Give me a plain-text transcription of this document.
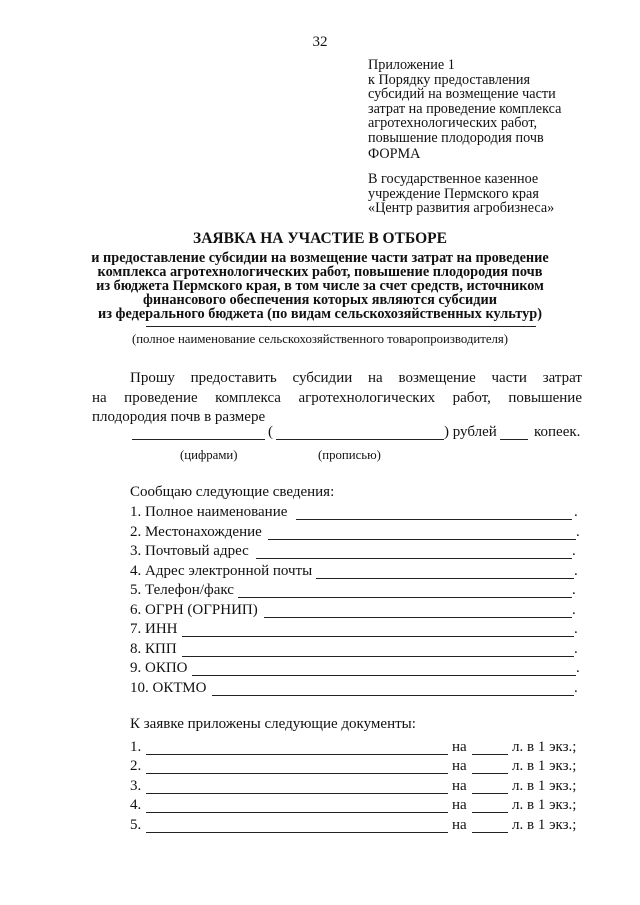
32
Приложение 1
к Порядку предоставления
субсидий на возмещение части
затрат на проведение комплекса
агротехнологических работ,
повышение плодородия почв
ФОРМА
В государственное казенное
учреждение Пермского края
«Центр развития агробизнеса»
ЗАЯВКА НА УЧАСТИЕ В ОТБОРЕ
и предоставление субсидии на возмещение части затрат на проведение
комплекса агротехнологических работ, повышение плодородия почв
из бюджета Пермского края, в том числе за счет средств, источником
финансового обеспечения которых являются субсидии
из федерального бюджета (по видам сельскохозяйственных культур)
(полное наименование сельскохозяйственного товаропроизводителя)
Прошу предоставить субсидии на возмещение части затрат
на проведение комплекса агротехнологических работ, повышение
плодородия почв в размере
(	) рублей копеек.
(цифрами)	(прописью)
Сообщаю следующие сведения:
1. Полное наименование	.
2. Местонахождение	.
3. Почтовый адрес	.
4. Адрес электронной почты	.
5. Телефон/факс	.
6. ОГРН (ОГРНИП)	.
7. ИНН	.
8. КПП	.
9. ОКПО	.
10. ОКТМО	.
К заявке приложены следующие документы:
1.	на	л. в 1 экз.;
2.	на	л. в 1 экз.;
3.	на	л. в 1 экз.;
4.	на	л. в 1 экз.;
5.	на	л. в 1 экз.;
